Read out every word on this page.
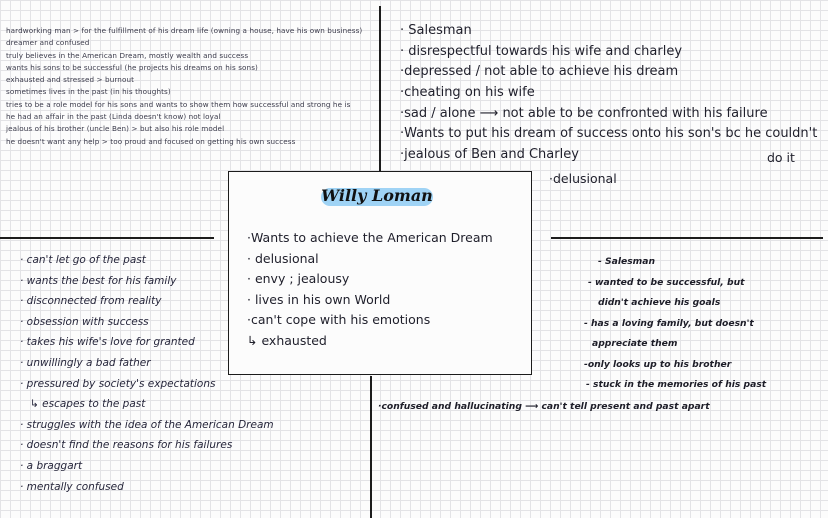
hardworking man > for the fulfillment of his dream life (owning a house, have his own business)
dreamer and confused
truly believes in the American Dream, mostly wealth and success
wants his sons to be successful (he projects his dreams on his sons)
exhausted and stressed > burnout
sometimes lives in the past (in his thoughts)
tries to be a role model for his sons and wants to show them how successful and strong he is
he had an affair in the past (Linda doesn't know) not loyal
jealous of his brother (uncle Ben) > but also his role model
he doesn't want any help > too proud and focused on getting his own success
· Salesman
· disrespectful towards his wife and charley
·depressed / not able to achieve his dream
·cheating on his wife
·sad / alone ⟶ not able to be confronted with his failure
·Wants to put his dream of success onto his son's bc he couldn't
·jealous of Ben and Charley	do it
·delusional
Willy Loman
·Wants to achieve the American Dream
· delusional
· envy ; jealousy
· lives in his own World
·can't cope with his emotions
↳ exhausted
· can't let go of the past
· wants the best for his family
· disconnected from reality
· obsession with success
· takes his wife's love for granted
· unwillingly a bad father
· pressured by society's expectations
↳ escapes to the past
· struggles with the idea of the American Dream
· doesn't find the reasons for his failures
· a braggart
· mentally confused
- Salesman
- wanted to be successful, but
didn't achieve his goals
- has a loving family, but doesn't
appreciate them
-only looks up to his brother
- stuck in the memories of his past
·confused and hallucinating ⟶ can't tell present and past apart
